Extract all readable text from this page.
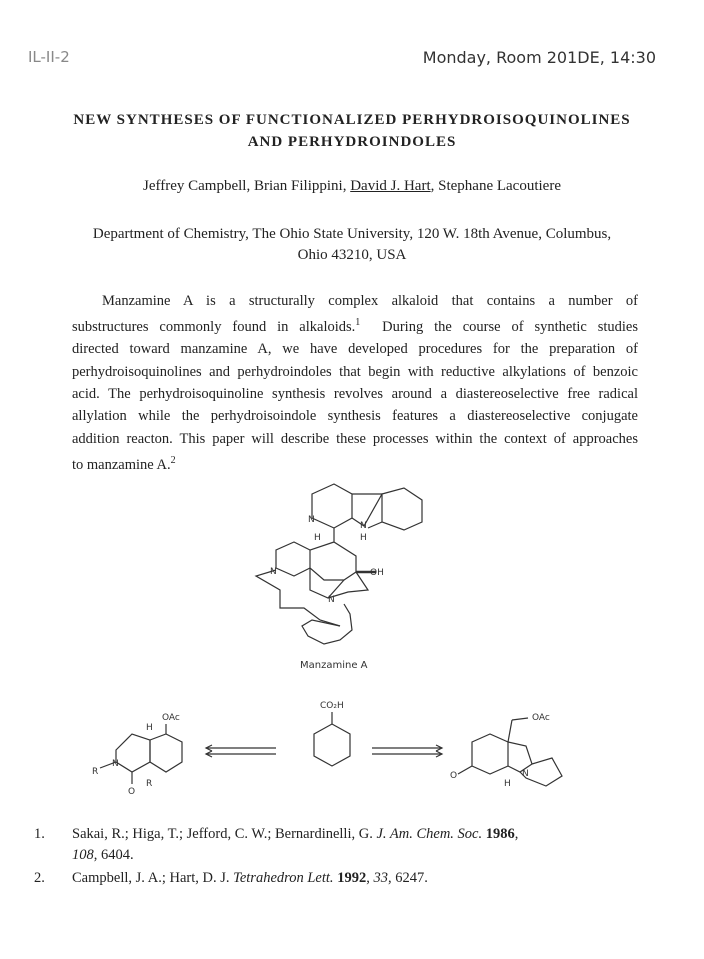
IL-II-2	Monday, Room 201DE, 14:30
NEW SYNTHESES OF FUNCTIONALIZED PERHYDROISOQUINOLINES
AND PERHYDROINDOLES
Jeffrey Campbell, Brian Filippini, David J. Hart, Stephane Lacoutiere
Department of Chemistry, The Ohio State University, 120 W. 18th Avenue, Columbus,
Ohio 43210, USA
Manzamine A is a structurally complex alkaloid that contains a number of
substructures commonly found in alkaloids.$^1$ During the course of synthetic studies
directed toward manzamine A, we have developed procedures for the preparation of
perhydroisoquinolines and perhydroindoles that begin with reductive alkylations of benzoic
acid. The perhydroisoquinoline synthesis revolves around a diastereoselective free radical
allylation while the perhydroisoindole synthesis features a diastereoselective conjugate
addition reacton. This paper will describe these processes within the context of approaches
to manzamine A.$^2$
N
N
H
H
N
N
OH
Manzamine A
OAc
H
R
N
R
O
CO₂H
OAc
O	N
H
1. Sakai, R.; Higa, T.; Jefford, C. W.; Bernardinelli, G. J. Am. Chem. Soc. 1986,
108, 6404.
2. Campbell, J. A.; Hart, D. J. Tetrahedron Lett. 1992, 33, 6247.
